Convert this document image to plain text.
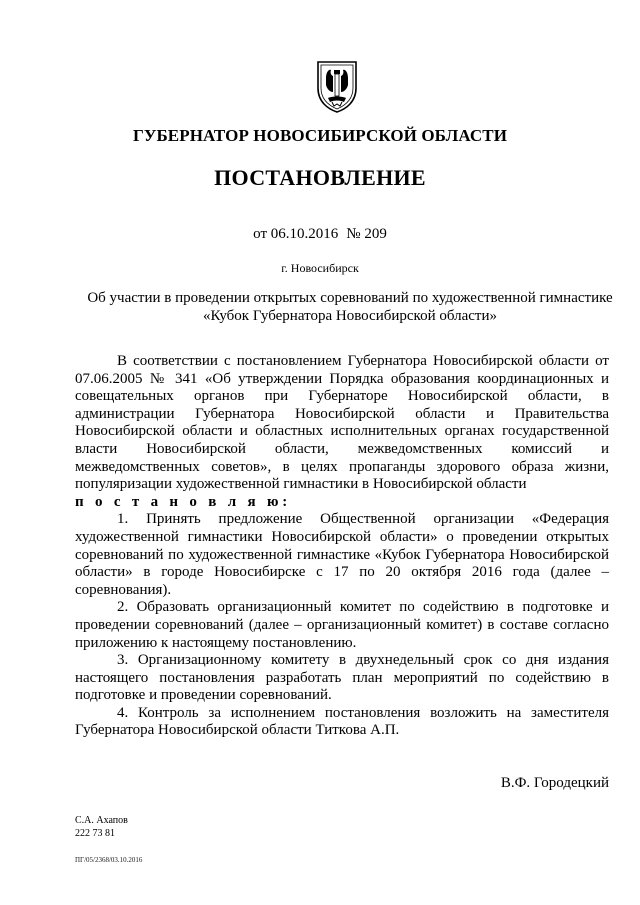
ГУБЕРНАТОР НОВОСИБИРСКОЙ ОБЛАСТИ
ПОСТАНОВЛЕНИЕ
от 06.10.2016 № 209
г. Новосибирск
Об участии в проведении открытых соревнований по художественной гимнастике
«Кубок Губернатора Новосибирской области»

В соответствии с постановлением Губернатора Новосибирской области от 07.06.2005 № 341 «Об утверждении Порядка образования координационных и совещательных органов при Губернаторе Новосибирской области, в администрации Губернатора Новосибирской области и Правительства Новосибирской области и областных исполнительных органах государственной власти Новосибирской области, межведомственных комиссий и межведомственных советов», в целях пропаганды здорового образа жизни, популяризации художественной гимнастики в Новосибирской области

п о с т а н о в л я ю:

1. Принять предложение Общественной организации «Федерация художественной гимнастики Новосибирской области» о проведении открытых соревнований по художественной гимнастике «Кубок Губернатора Новосибирской области» в городе Новосибирске с 17 по 20 октября 2016 года (далее – соревнования).

2. Образовать организационный комитет по содействию в подготовке и проведении соревнований (далее – организационный комитет) в составе согласно приложению к настоящему постановлению.

3. Организационному комитету в двухнедельный срок со дня издания настоящего постановления разработать план мероприятий по содействию в подготовке и проведении соревнований.

4. Контроль за исполнением постановления возложить на заместителя Губернатора Новосибирской области Титкова А.П.

В.Ф. Городецкий
С.А. Ахапов
222 73 81
ПГ/05/2368/03.10.2016
